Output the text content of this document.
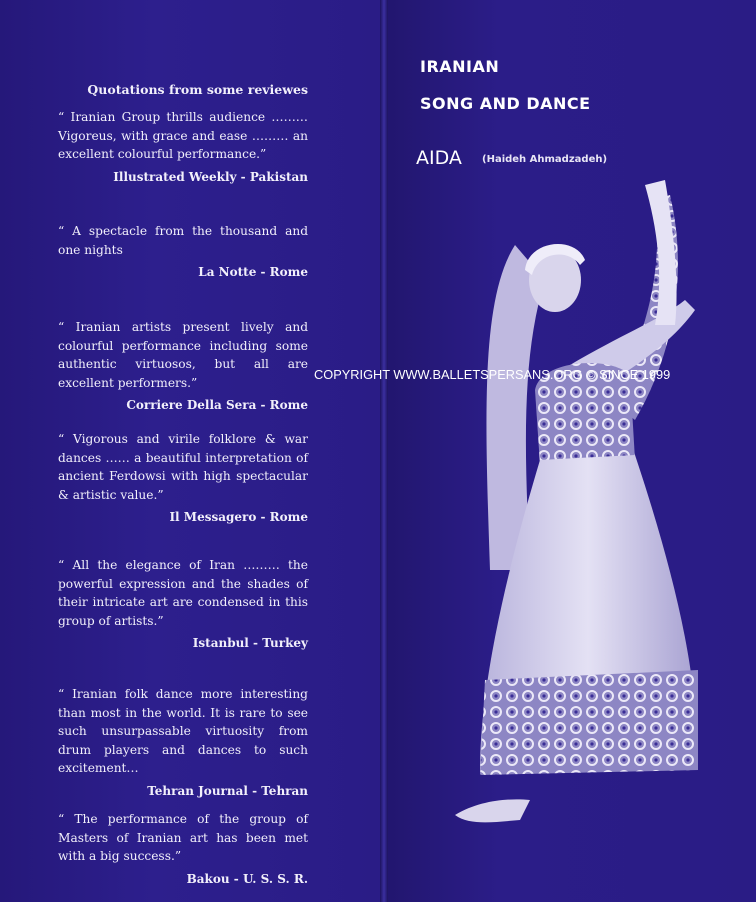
Quotations from some reviewes

“ Iranian Group thrills audience ……… Vigoreus, with grace and ease ……… an excellent colourful performance.”

Illustrated Weekly - Pakistan

“ A spectacle from the thousand and one nights

La Notte - Rome

“ Iranian artists present lively and colourful performance including some authentic virtuosos, but all are excellent performers.”

Corriere Della Sera - Rome

“ Vigorous and virile folklore & war dances …… a beautiful interpretation of ancient Ferdowsi with high spectacular & artistic value.”

Il Messagero - Rome

“ All the elegance of Iran ……… the powerful expression and the shades of their intricate art are condensed in this group of artists.”

Istanbul - Turkey

“ Iranian folk dance more interesting than most in the world. It is rare to see such unsurpassable virtuosity from drum players and dances to such excitement…

Tehran Journal - Tehran

“ The performance of the group of Masters of Iranian art has been met with a big success.”

Bakou - U. S. S. R.
IRANIAN
SONG AND DANCE
AIDA (Haideh Ahmadzadeh)
COPYRIGHT WWW.BALLETSPERSANS.ORG © SINCE 1999
